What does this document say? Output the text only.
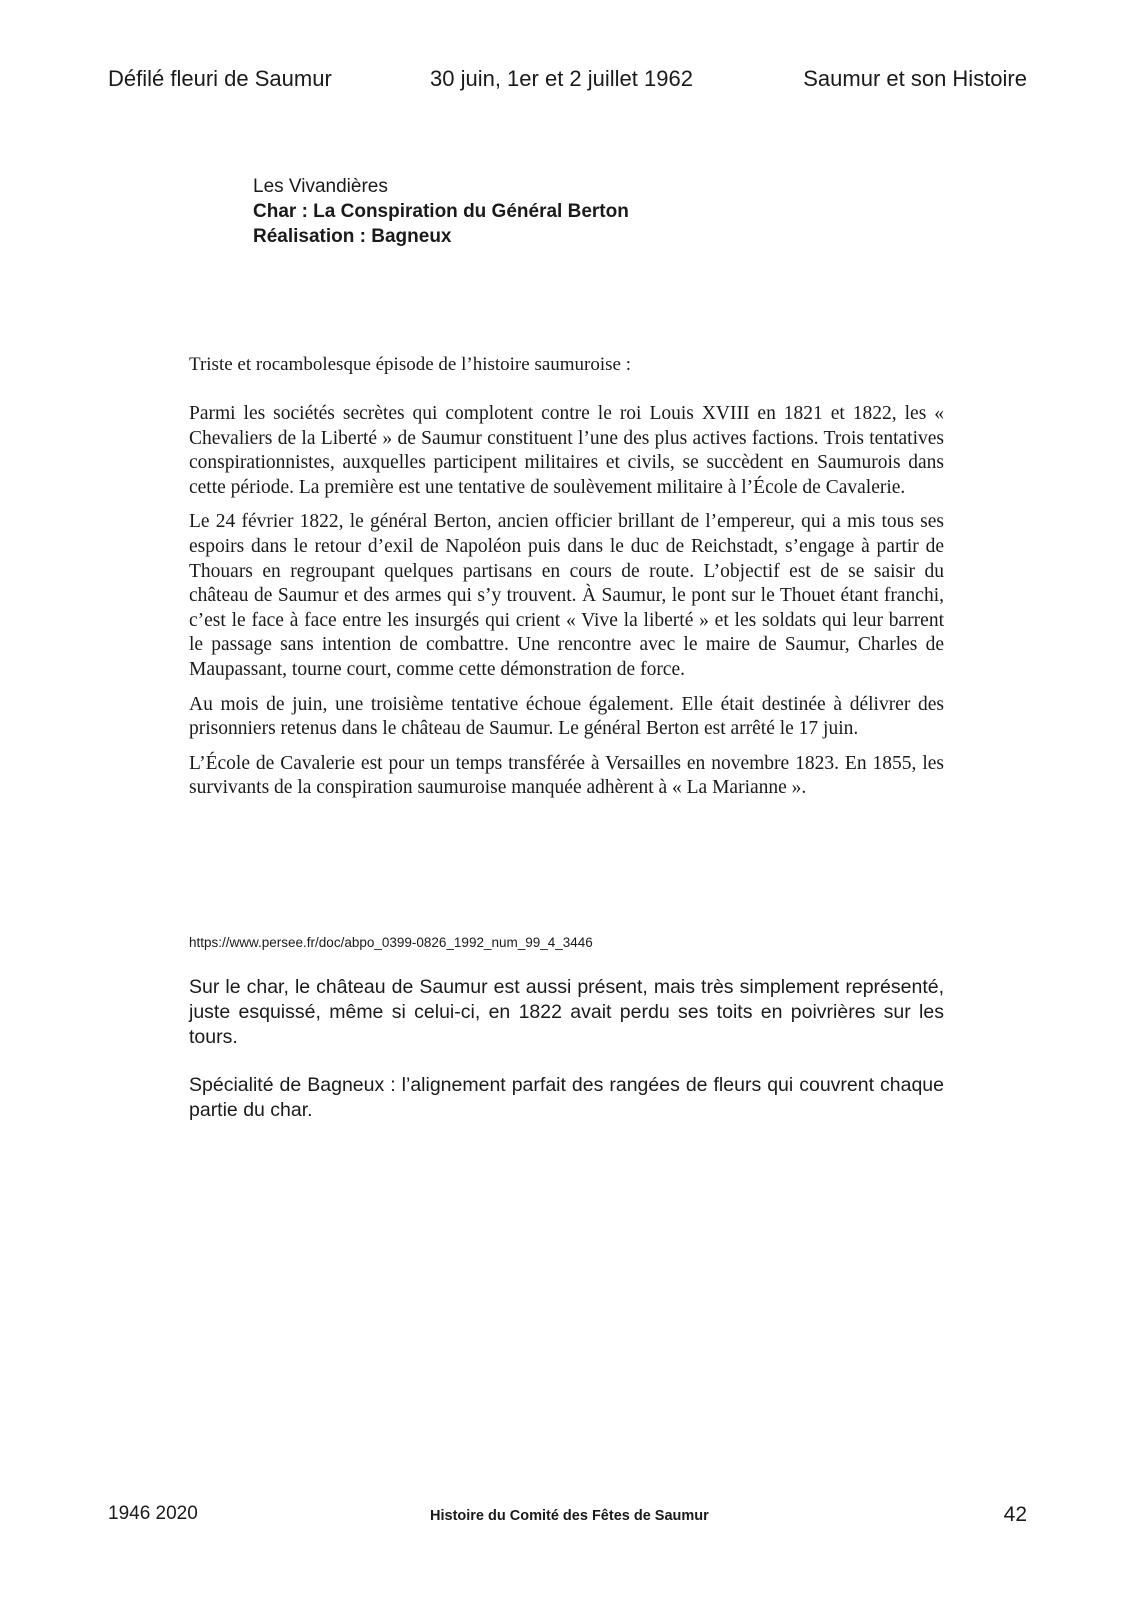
Défilé fleuri de Saumur	30 juin, 1er et 2 juillet 1962	Saumur et son Histoire
Les Vivandières
Char : La Conspiration du Général Berton
Réalisation : Bagneux
Triste et rocambolesque épisode de l’histoire saumuroise :

Parmi les sociétés secrètes qui complotent contre le roi Louis XVIII en 1821 et 1822, les « Chevaliers de la Liberté » de Saumur constituent l’une des plus actives factions. Trois tentatives conspirationnistes, auxquelles participent militaires et civils, se succèdent en Saumurois dans cette période. La première est une tentative de soulèvement militaire à l’École de Cavalerie.

Le 24 février 1822, le général Berton, ancien officier brillant de l’empereur, qui a mis tous ses espoirs dans le retour d’exil de Napoléon puis dans le duc de Reichstadt, s’engage à partir de Thouars en regroupant quelques partisans en cours de route. L’objectif est de se saisir du château de Saumur et des armes qui s’y trouvent. À Saumur, le pont sur le Thouet étant franchi, c’est le face à face entre les insurgés qui crient « Vive la liberté » et les soldats qui leur barrent le passage sans intention de combattre. Une rencontre avec le maire de Saumur, Charles de Maupassant, tourne court, comme cette démonstration de force.

Au mois de juin, une troisième tentative échoue également. Elle était destinée à délivrer des prisonniers retenus dans le château de Saumur. Le général Berton est arrêté le 17 juin.

L’École de Cavalerie est pour un temps transférée à Versailles en novembre 1823. En 1855, les survivants de la conspiration saumuroise manquée adhèrent à « La Marianne ».

https://www.persee.fr/doc/abpo_0399-0826_1992_num_99_4_3446

Sur le char, le château de Saumur est aussi présent, mais très simplement représenté, juste esquissé, même si celui-ci, en 1822 avait perdu ses toits en poivrières sur les tours.

Spécialité de Bagneux : l’alignement parfait des rangées de fleurs qui couvrent chaque partie du char.

1946 2020	Histoire du Comité des Fêtes de Saumur	42
